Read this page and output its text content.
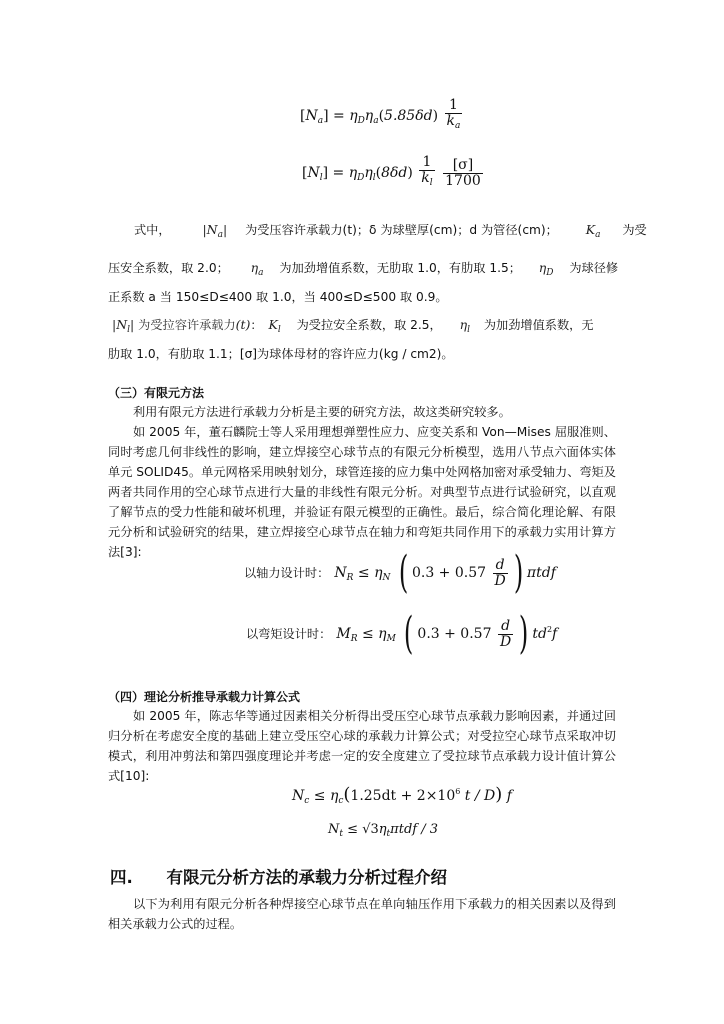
$[N_a] = \eta_D\eta_a(5.85\delta d) \frac{1}{k_a}$
$[N_l] = \eta_D\eta_l(8\delta d) \frac{1}{k_l}$
$\frac{[\sigma]}{1700}$
式中，	$|N_a|$ 为受压容许承载力(t)；δ 为球壁厚(cm)；d 为管径(cm)； $K_a$ 为受
压安全系数，取 2.0； $\eta_a$ 为加劲增值系数，无肋取 1.0，有肋取 1.5； $\eta_D$ 为球径修
正系数 a 当 150≤D≤400 取 1.0，当 400≤D≤500 取 0.9。
$|N_l|$ 为受拉容许承载力(t)： $K_l$ 为受拉安全系数，取 2.5， $\eta_l$ 为加劲增值系数，无
肋取 1.0，有肋取 1.1；[σ]为球体母材的容许应力(kg / cm2)。
（三）有限元方法
利用有限元方法进行承载力分析是主要的研究方法，故这类研究较多。
如 2005 年，董石麟院士等人采用理想弹塑性应力、应变关系和 Von—Mises 屈服准则、同时考虑几何非线性的影响，建立焊接空心球节点的有限元分析模型，选用八节点六面体实体单元 SOLID45。单元网格采用映射划分，球管连接的应力集中处网格加密对承受轴力、弯矩及两者共同作用的空心球节点进行大量的非线性有限元分析。对典型节点进行试验研究，以直观了解节点的受力性能和破坏机理，并验证有限元模型的正确性。最后，综合简化理论解、有限元分析和试验研究的结果，建立焊接空心球节点在轴力和弯矩共同作用下的承载力实用计算方法[3]:
以轴力设计时： $N_R \le \eta_N$ ( $0.3 + 0.57 \frac{d}{D}$ ) πtdf
以弯矩设计时： $M_R \le \eta_M$ ( $0.3 + 0.57 \frac{d}{D}$ ) $td^2f$
（四）理论分析推导承载力计算公式
如 2005 年，陈志华等通过因素相关分析得出受压空心球节点承载力影响因素，并通过回归分析在考虑安全度的基础上建立受压空心球的承载力计算公式；对受拉空心球节点采取冲切模式，利用冲剪法和第四强度理论并考虑一定的安全度建立了受拉球节点承载力设计值计算公式[10]:
$N_c \le \eta_c(1.25dt + 2\times 10^6$ t / D) f
$N_t \le √3\eta_t\pi tdf / 3$
四. 有限元分析方法的承载力分析过程介绍
以下为利用有限元分析各种焊接空心球节点在单向轴压作用下承载力的相关因素以及得到相关承载力公式的过程。
